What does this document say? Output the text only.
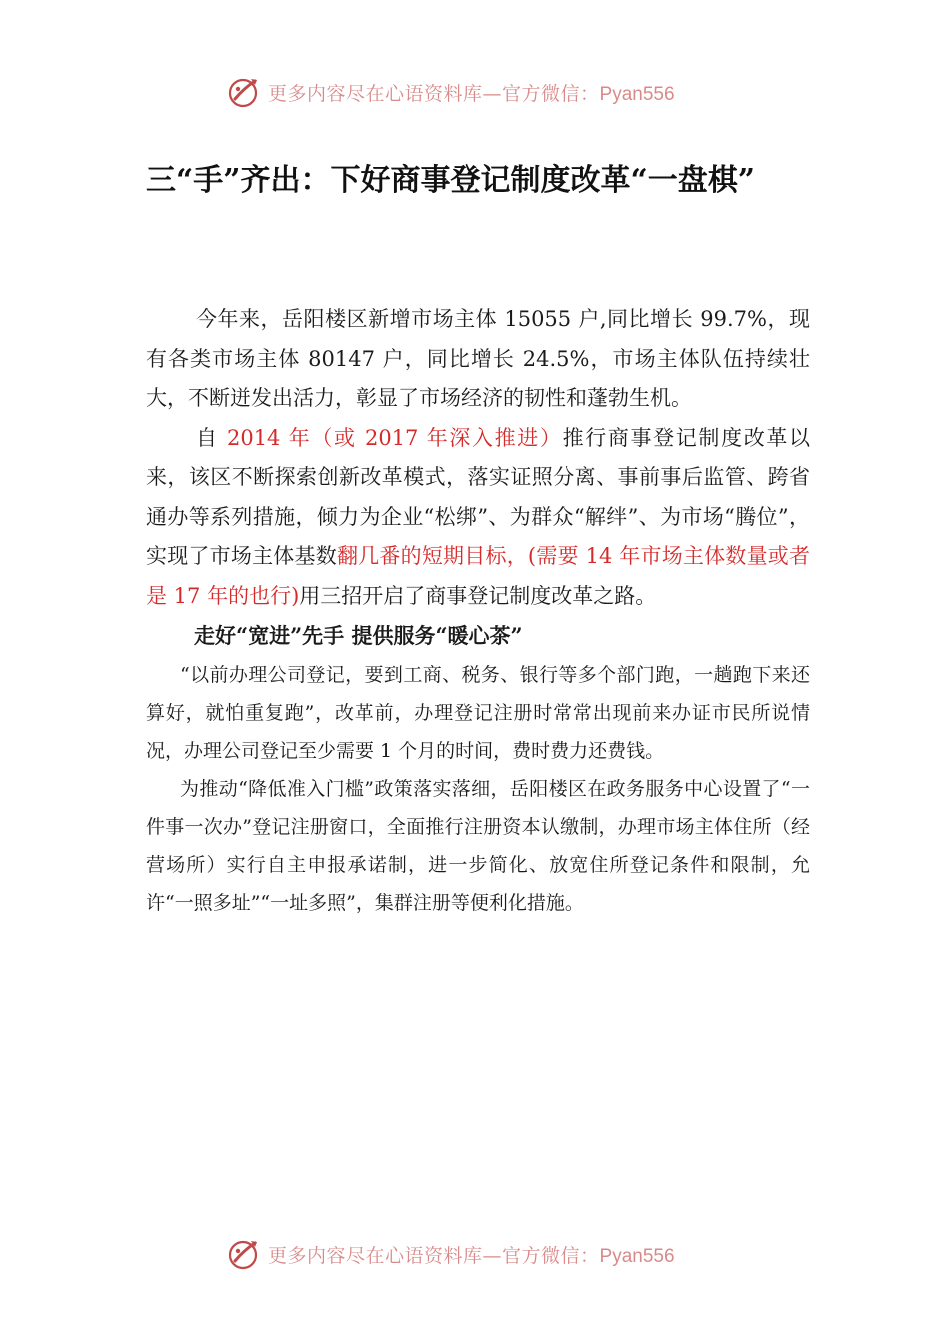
更多内容尽在心语资料库—官方微信：Pyan556
三“手”齐出：下好商事登记制度改革“一盘棋”

今年来，岳阳楼区新增市场主体 15055 户,同比增长 99.7%，现有各类市场主体 80147 户，同比增长 24.5%，市场主体队伍持续壮大，不断迸发出活力，彰显了市场经济的韧性和蓬勃生机。

自 2014 年（或 2017 年深入推进）推行商事登记制度改革以来，该区不断探索创新改革模式，落实证照分离、事前事后监管、跨省通办等系列措施，倾力为企业“松绑”、为群众“解绊”、为市场“腾位”，实现了市场主体基数翻几番的短期目标，(需要 14 年市场主体数量或者是 17 年的也行)用三招开启了商事登记制度改革之路。

走好“宽进”先手 提供服务“暖心茶”

“以前办理公司登记，要到工商、税务、银行等多个部门跑，一趟跑下来还算好，就怕重复跑”，改革前，办理登记注册时常常出现前来办证市民所说情况，办理公司登记至少需要 1 个月的时间，费时费力还费钱。

为推动“降低准入门槛”政策落实落细，岳阳楼区在政务服务中心设置了“一件事一次办”登记注册窗口，全面推行注册资本认缴制，办理市场主体住所（经营场所）实行自主申报承诺制，进一步简化、放宽住所登记条件和限制，允许“一照多址”“一址多照”，集群注册等便利化措施。

更多内容尽在心语资料库—官方微信：Pyan556
